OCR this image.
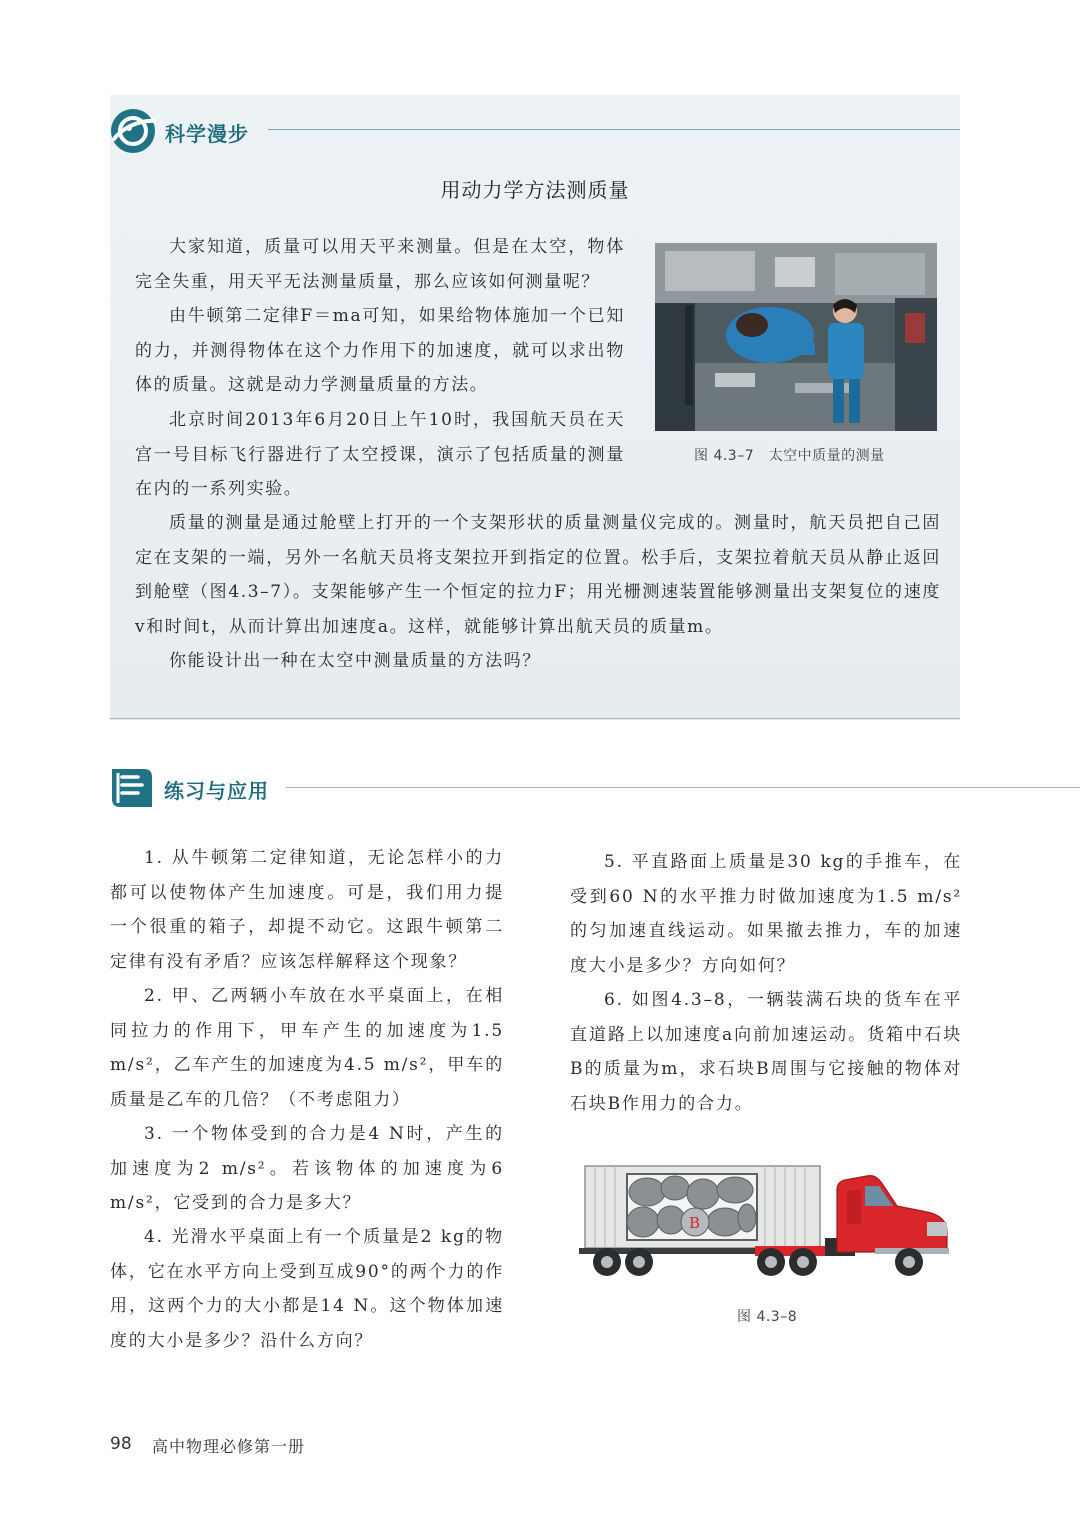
科学漫步
用动力学方法测质量

大家知道，质量可以用天平来测量。但是在太空，物体完全失重，用天平无法测量质量，那么应该如何测量呢？

由牛顿第二定律F＝ma可知，如果给物体施加一个已知的力，并测得物体在这个力作用下的加速度，就可以求出物体的质量。这就是动力学测量质量的方法。

北京时间2013年6月20日上午10时，我国航天员在天宫一号目标飞行器进行了太空授课，演示了包括质量的测量在内的一系列实验。

质量的测量是通过舱壁上打开的一个支架形状的质量测量仪完成的。测量时，航天员把自己固定在支架的一端，另外一名航天员将支架拉开到指定的位置。松手后，支架拉着航天员从静止返回到舱壁（图4.3–7）。支架能够产生一个恒定的拉力F；用光栅测速装置能够测量出支架复位的速度v和时间t，从而计算出加速度a。这样，就能够计算出航天员的质量m。

你能设计出一种在太空中测量质量的方法吗？

图 4.3–7　太空中质量的测量
练习与应用

1. 从牛顿第二定律知道，无论怎样小的力都可以使物体产生加速度。可是，我们用力提一个很重的箱子，却提不动它。这跟牛顿第二定律有没有矛盾？应该怎样解释这个现象？

2. 甲、乙两辆小车放在水平桌面上，在相同拉力的作用下，甲车产生的加速度为1.5 m/s²，乙车产生的加速度为4.5 m/s²，甲车的质量是乙车的几倍？（不考虑阻力）

3. 一个物体受到的合力是4 N时，产生的加速度为2 m/s²。若该物体的加速度为6 m/s²，它受到的合力是多大？

4. 光滑水平桌面上有一个质量是2 kg的物体，它在水平方向上受到互成90°的两个力的作用，这两个力的大小都是14 N。这个物体加速度的大小是多少？沿什么方向？

5. 平直路面上质量是30 kg的手推车，在受到60 N的水平推力时做加速度为1.5 m/s²的匀加速直线运动。如果撤去推力，车的加速度大小是多少？方向如何？

6. 如图4.3–8，一辆装满石块的货车在平直道路上以加速度a向前加速运动。货箱中石块B的质量为m，求石块B周围与它接触的物体对石块B作用力的合力。

B
图 4.3–8
98 高中物理必修第一册
